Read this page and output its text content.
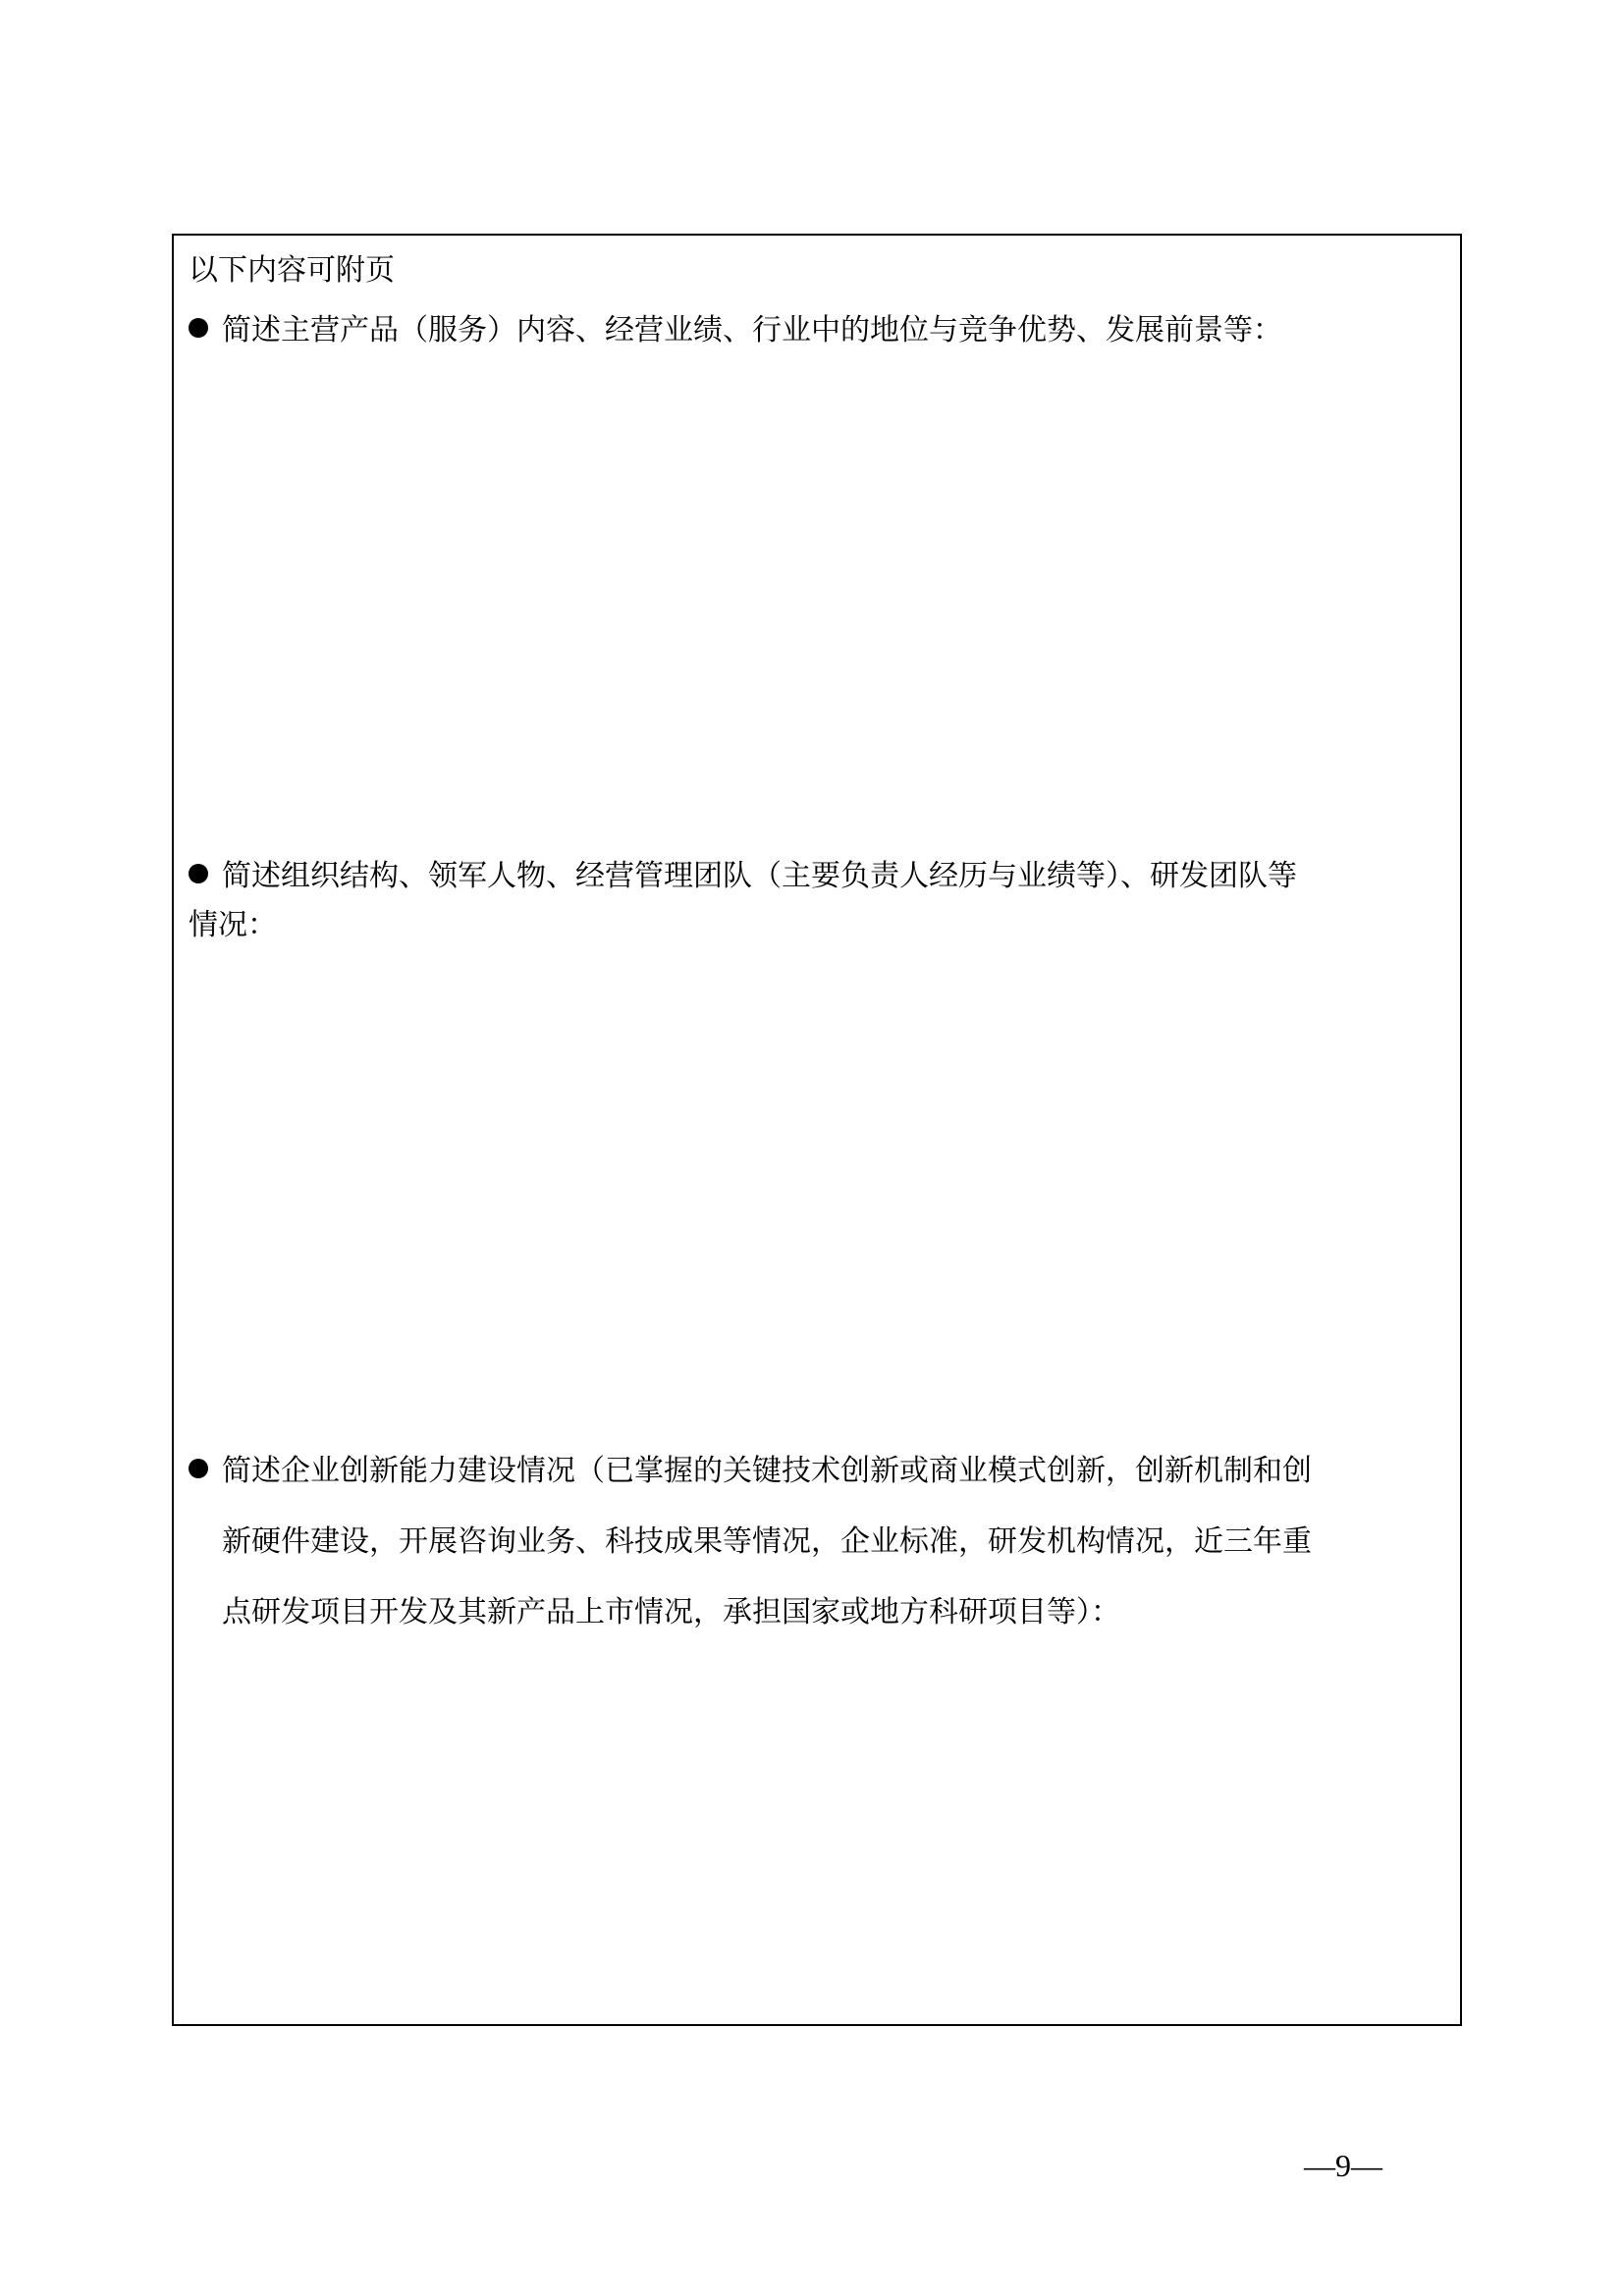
以下内容可附页
简述主营产品（服务）内容、经营业绩、行业中的地位与竞争优势、发展前景等：
简述组织结构、领军人物、经营管理团队（主要负责人经历与业绩等）、研发团队等
情况：
简述企业创新能力建设情况（已掌握的关键技术创新或商业模式创新，创新机制和创
新硬件建设，开展咨询业务、科技成果等情况，企业标准，研发机构情况，近三年重
点研发项目开发及其新产品上市情况，承担国家或地方科研项目等）：
—9—
